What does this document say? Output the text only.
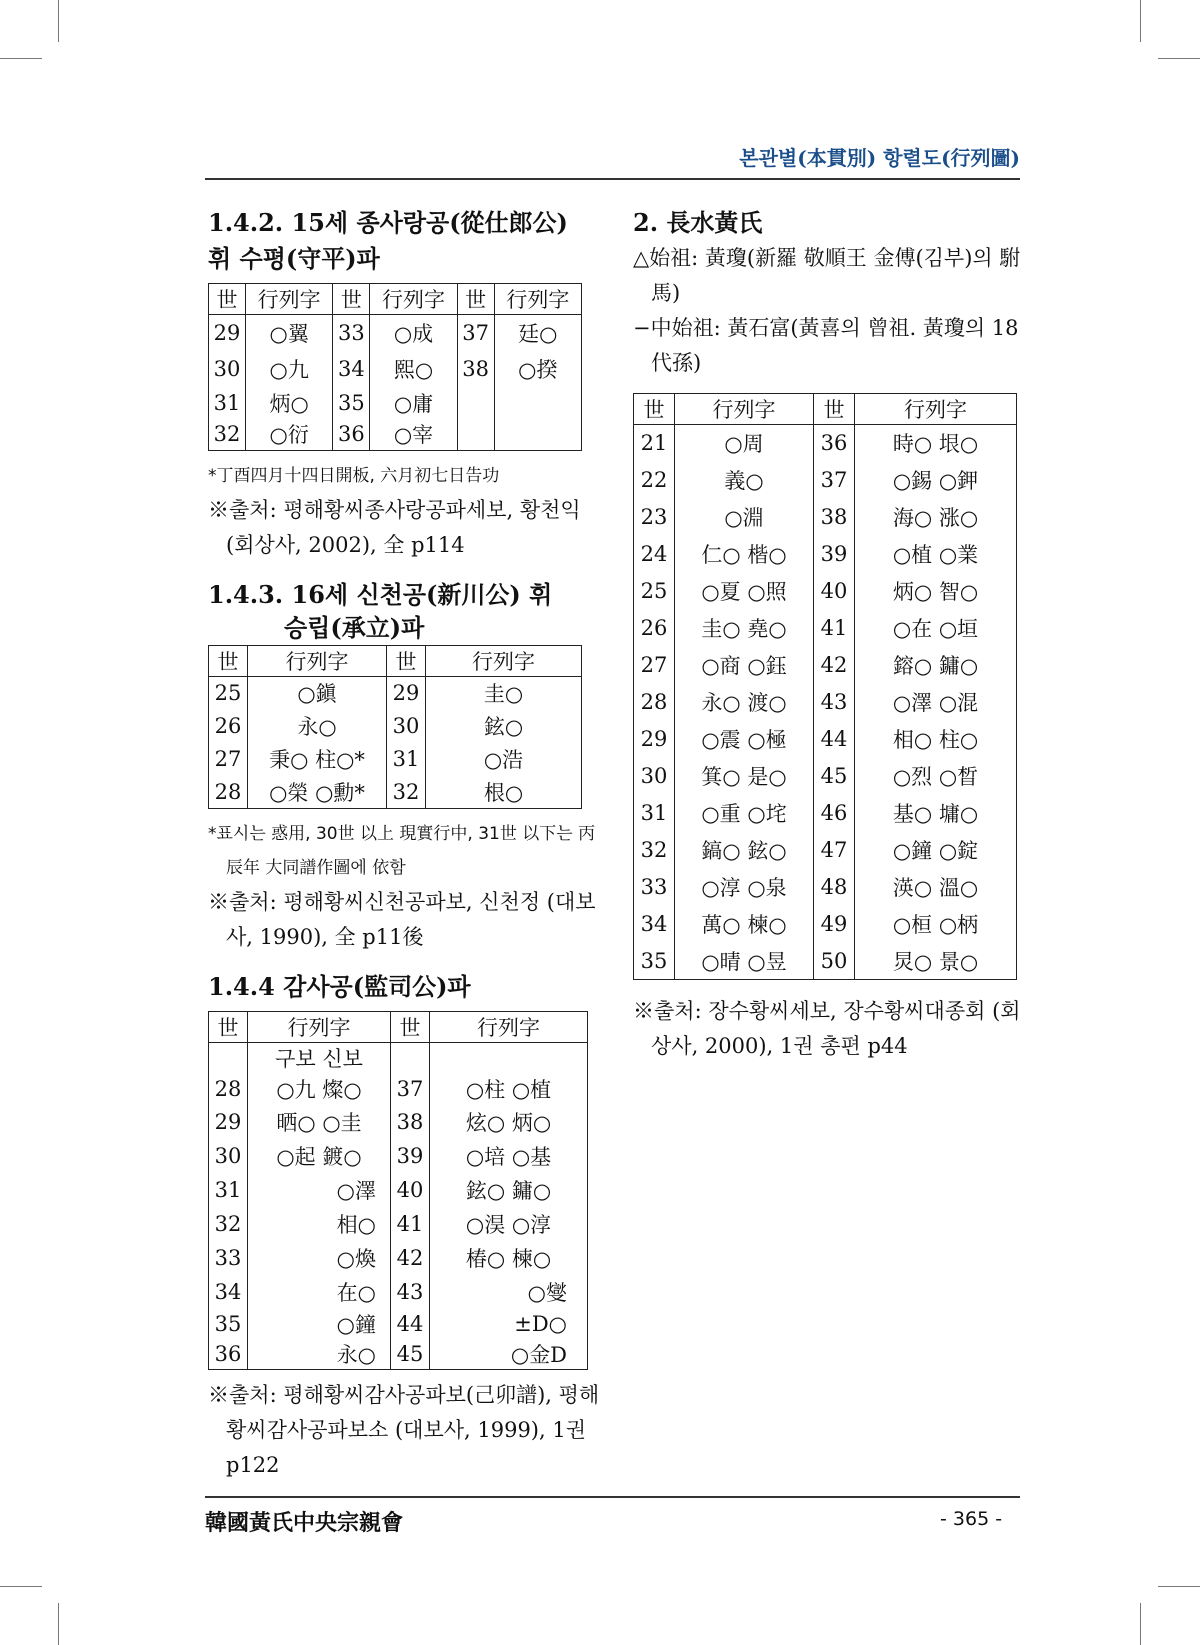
본관별(本貫別) 항렬도(行列圖)

1.4.2. 15세 종사랑공(從仕郎公)
휘 수평(守平)파

世	行列字	世	行列字	世	行列字
29	○翼	33	○成	37	廷○
30	○九	34	熙○	38	○揆
31	炳○	35	○庸		
32	○衍	36	○宰		

*丁酉四月十四日開板, 六月初七日告功

※출처: 평해황씨종사랑공파세보, 황천익 (회상사, 2002), 全 p114

1.4.3. 16세 신천공(新川公) 휘
승립(承立)파

世	行列字	世	行列字
25	○鎭	29	圭○
26	永○	30	鉉○
27	秉○ 柱○*	31	○浩
28	○榮 ○勳*	32	根○

*표시는 惑用, 30世 以上 現實行中, 31世 以下는 丙辰年 大同譜作圖에 依함

※출처: 평해황씨신천공파보, 신천정 (대보사, 1990), 全 p11後

1.4.4 감사공(監司公)파

世	行列字	世	行列字
	구보 신보		
28	○九 燦○	37	○柱 ○植
29	晒○ ○圭	38	炫○ 炳○
30	○起 鍍○	39	○培 ○基
31	○澤	40	鉉○ 鏞○
32	相○	41	○淏 ○淳
33	○煥	42	椿○ 楝○
34	在○	43	○燮
35	○鐘	44	±D○
36	永○	45	○金D

※출처: 평해황씨감사공파보(己卯譜), 평해황씨감사공파보소 (대보사, 1999), 1권 p122

2. 長水黃氏

△始祖: 黃瓊(新羅 敬順王 金傅(김부)의 駙馬)

−中始祖: 黃石富(黃喜의 曾祖. 黃瓊의 18代孫)

世	行列字	世	行列字
21	○周	36	時○ 垠○
22	義○	37	○錫 ○鉀
23	○淵	38	海○ 涨○
24	仁○ 楷○	39	○植 ○業
25	○夏 ○照	40	炳○ 智○
26	圭○ 堯○	41	○在 ○垣
27	○商 ○鈺	42	鎔○ 鏞○
28	永○ 渡○	43	○澤 ○混
29	○震 ○極	44	相○ 柱○
30	箕○ 是○	45	○烈 ○晳
31	○重 ○垞	46	基○ 墉○
32	鎬○ 鉉○	47	○鐘 ○錠
33	○淳 ○泉	48	渶○ 溫○
34	萬○ 楝○	49	○桓 ○柄
35	○晴 ○昱	50	炅○ 景○

※출처: 장수황씨세보, 장수황씨대종회 (회상사, 2000), 1권 총편 p44

韓國黃氏中央宗親會	- 365 -
